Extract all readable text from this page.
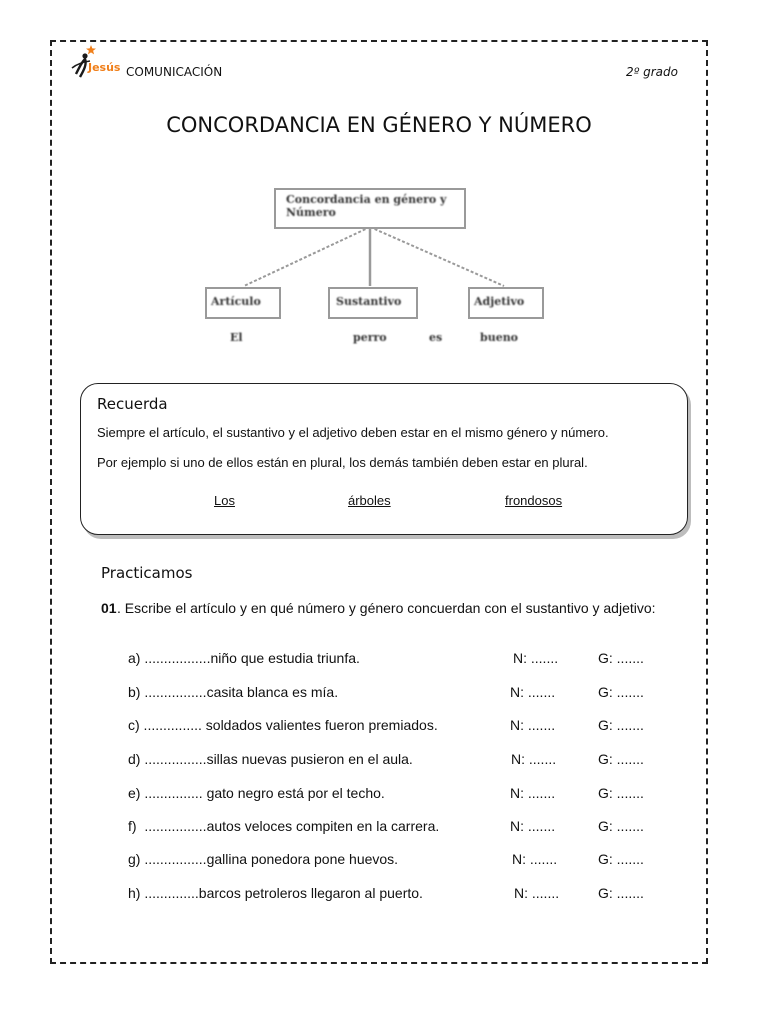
Jesús COMUNICACIÓN	2º grado
CONCORDANCIA EN GÉNERO Y NÚMERO
Concordancia en género y Número
Artículo	Sustantivo	Adjetivo
El	perro	es	bueno
Recuerda
Siempre el artículo, el sustantivo y el adjetivo deben estar en el mismo género y número.
Por ejemplo si uno de ellos están en plural, los demás también deben estar en plural.
Los	árboles	frondosos
Practicamos
01 . Escribe el artículo y en qué número y género concuerdan con el sustantivo y adjetivo:
a) .................niño que estudia triunfa.	N: .......	G: .......
b) ................casita blanca es mía.	N: .......	G: .......
c) ............... soldados valientes fueron premiados.	N: .......	G: .......
d) ................sillas nuevas pusieron en el aula.	N: .......	G: .......
e) ............... gato negro está por el techo.	N: .......	G: .......
f)  ................autos veloces compiten en la carrera.	N: .......	G: .......
g) ................gallina ponedora pone huevos.	N: .......	G: .......
h) ..............barcos petroleros llegaron al puerto.	N: .......	G: .......
